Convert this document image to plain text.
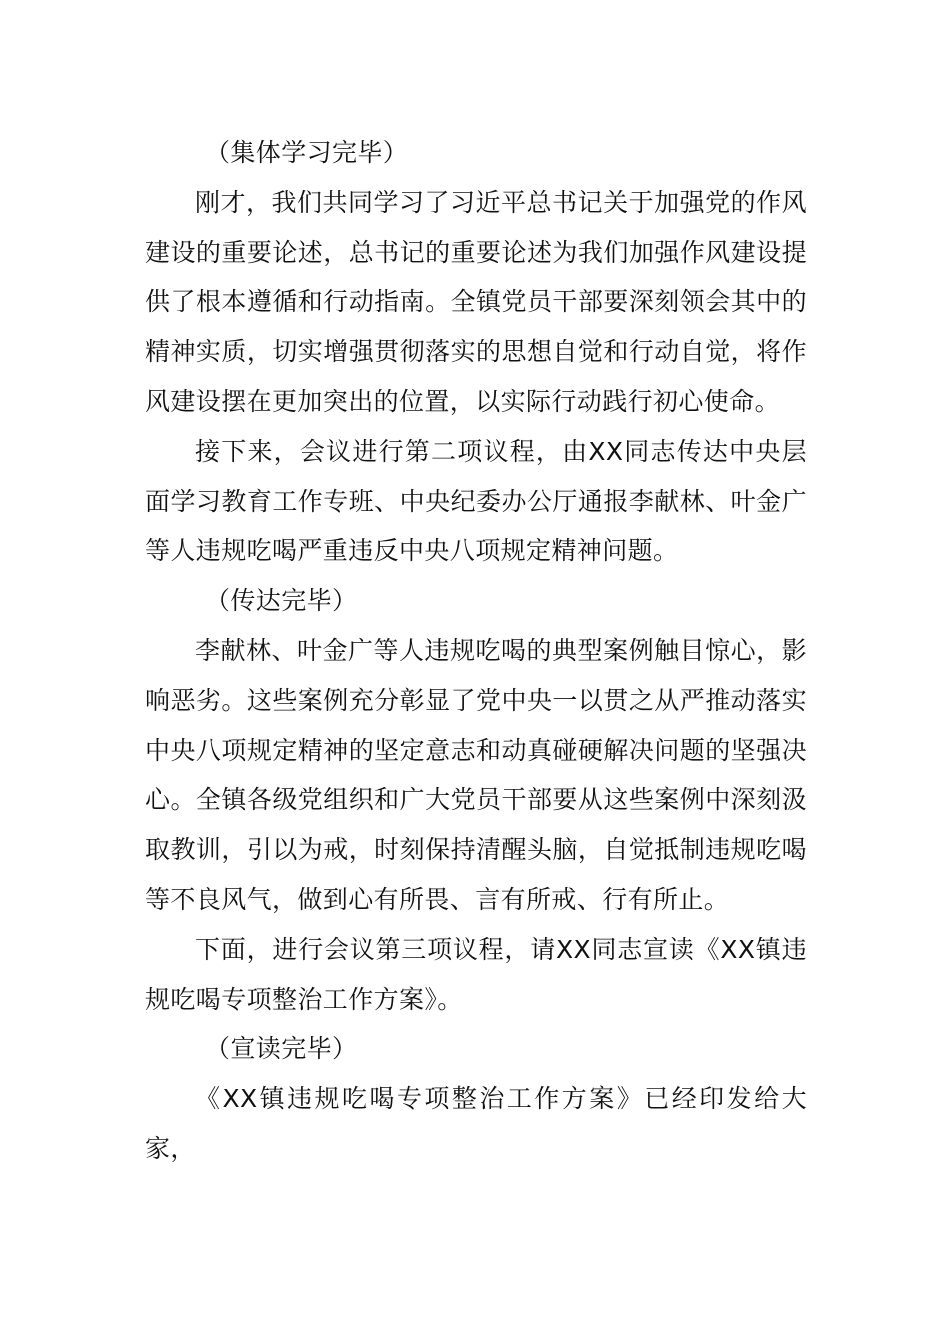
（集体学习完毕）

刚才，我们共同学习了习近平总书记关于加强党的作风建设的重要论述，总书记的重要论述为我们加强作风建设提供了根本遵循和行动指南。全镇党员干部要深刻领会其中的精神实质，切实增强贯彻落实的思想自觉和行动自觉，将作风建设摆在更加突出的位置，以实际行动践行初心使命。

接下来，会议进行第二项议程，由XX同志传达中央层面学习教育工作专班、中央纪委办公厅通报李献林、叶金广等人违规吃喝严重违反中央八项规定精神问题。

（传达完毕）

李献林、叶金广等人违规吃喝的典型案例触目惊心，影响恶劣。这些案例充分彰显了党中央一以贯之从严推动落实中央八项规定精神的坚定意志和动真碰硬解决问题的坚强决心。全镇各级党组织和广大党员干部要从这些案例中深刻汲取教训，引以为戒，时刻保持清醒头脑，自觉抵制违规吃喝等不良风气，做到心有所畏、言有所戒、行有所止。

下面，进行会议第三项议程，请XX同志宣读《XX镇违规吃喝专项整治工作方案》。

（宣读完毕）

《XX镇违规吃喝专项整治工作方案》已经印发给大家，
